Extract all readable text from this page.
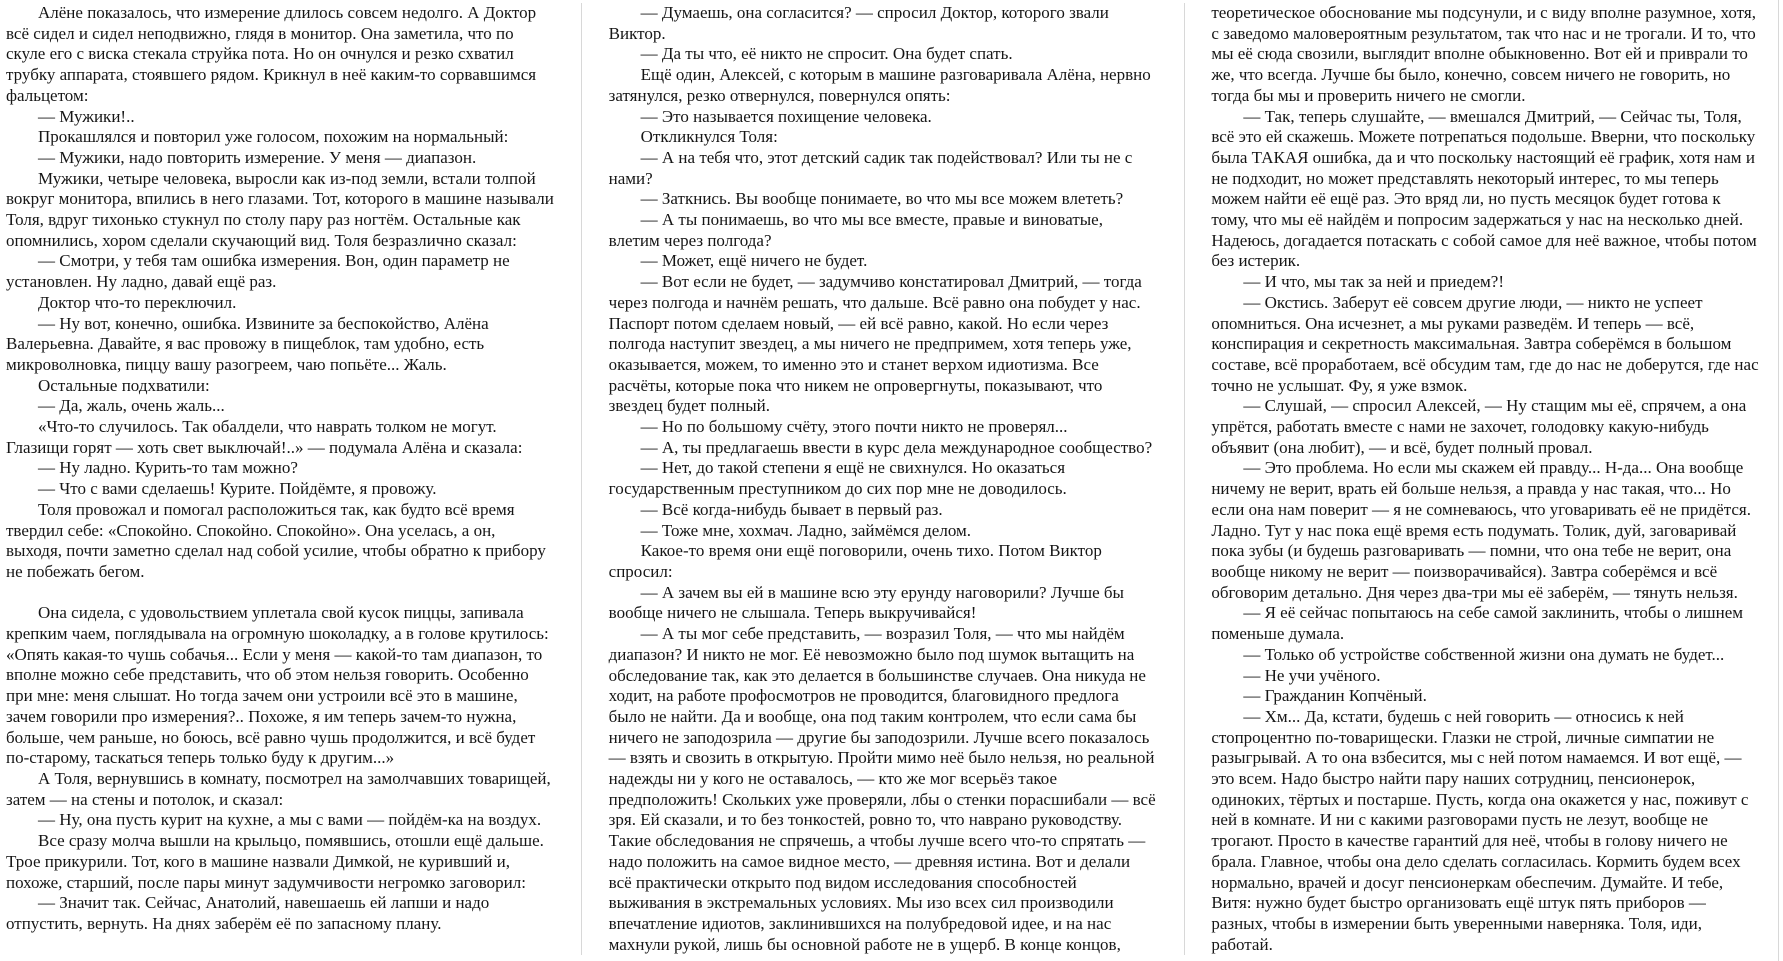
Алёне показалось, что измерение длилось совсем недолго. А Доктор всё сидел и сидел неподвижно, глядя в монитор. Она заметила, что по скуле его с виска стекала струйка пота. Но он очнулся и резко схватил трубку аппарата, стоявшего рядом. Крикнул в неё каким-то сорвавшимся фальцетом:

— Мужики!..

Прокашлялся и повторил уже голосом, похожим на нормальный:

— Мужики, надо повторить измерение. У меня — диапазон.

Мужики, четыре человека, выросли как из-под земли, встали толпой вокруг монитора, впились в него глазами. Тот, которого в машине называли Толя, вдруг тихонько стукнул по столу пару раз ногтём. Остальные как опомнились, хором сделали скучающий вид. Толя безразлично сказал:

— Смотри, у тебя там ошибка измерения. Вон, один параметр не установлен. Ну ладно, давай ещё раз.

Доктор что-то переключил.

— Ну вот, конечно, ошибка. Извините за беспокойство, Алёна Валерьевна. Давайте, я вас провожу в пищеблок, там удобно, есть микроволновка, пиццу вашу разогреем, чаю попьёте... Жаль.

Остальные подхватили:

— Да, жаль, очень жаль...

«Что-то случилось. Так обалдели, что наврать толком не могут. Глазищи горят — хоть свет выключай!..» — подумала Алёна и сказала:

— Ну ладно. Курить-то там можно?

— Что с вами сделаешь! Курите. Пойдёмте, я провожу.

Толя провожал и помогал расположиться так, как будто всё время твердил себе: «Спокойно. Спокойно. Спокойно». Она уселась, а он, выходя, почти заметно сделал над собой усилие, чтобы обратно к прибору не побежать бегом.

Она сидела, с удовольствием уплетала свой кусок пиццы, запивала крепким чаем, поглядывала на огромную шоколадку, а в голове крутилось: «Опять какая-то чушь собачья... Если у меня — какой-то там диапазон, то вполне можно себе представить, что об этом нельзя говорить. Особенно при мне: меня слышат. Но тогда зачем они устроили всё это в машине, зачем говорили про измерения?.. Похоже, я им теперь зачем-то нужна, больше, чем раньше, но боюсь, всё равно чушь продолжится, и всё будет по-старому, таскаться теперь только буду к другим...»

А Толя, вернувшись в комнату, посмотрел на замолчавших товарищей, затем — на стены и потолок, и сказал:

— Ну, она пусть курит на кухне, а мы с вами — пойдём-ка на воздух.

Все сразу молча вышли на крыльцо, помявшись, отошли ещё дальше. Трое прикурили. Тот, кого в машине назвали Димкой, не куривший и, похоже, старший, после пары минут задумчивости негромко заговорил:

— Значит так. Сейчас, Анатолий, навешаешь ей лапши и надо отпустить, вернуть. На днях заберём её по запасному плану.

— Думаешь, она согласится? — спросил Доктор, которого звали Виктор.

— Да ты что, её никто не спросит. Она будет спать.

Ещё один, Алексей, с которым в машине разговаривала Алёна, нервно затянулся, резко отвернулся, повернулся опять:

— Это называется похищение человека.

Откликнулся Толя:

— А на тебя что, этот детский садик так подействовал? Или ты не с нами?

— Заткнись. Вы вообще понимаете, во что мы все можем влететь?

— А ты понимаешь, во что мы все вместе, правые и виноватые, влетим через полгода?

— Может, ещё ничего не будет.

— Вот если не будет, — задумчиво констатировал Дмитрий, — тогда через полгода и начнём решать, что дальше. Всё равно она побудет у нас. Паспорт потом сделаем новый, — ей всё равно, какой. Но если через полгода наступит звездец, а мы ничего не предпримем, хотя теперь уже, оказывается, можем, то именно это и станет верхом идиотизма. Все расчёты, которые пока что никем не опровергнуты, показывают, что звездец будет полный.

— Но по большому счёту, этого почти никто не проверял...

— А, ты предлагаешь ввести в курс дела международное сообщество?

— Нет, до такой степени я ещё не свихнулся. Но оказаться государственным преступником до сих пор мне не доводилось.

— Всё когда-нибудь бывает в первый раз.

— Тоже мне, хохмач. Ладно, займёмся делом.

Какое-то время они ещё поговорили, очень тихо. Потом Виктор спросил:

— А зачем вы ей в машине всю эту ерунду наговорили? Лучше бы вообще ничего не слышала. Теперь выкручивайся!

— А ты мог себе представить, — возразил Толя, — что мы найдём диапазон? И никто не мог. Её невозможно было под шумок вытащить на обследование так, как это делается в большинстве случаев. Она никуда не ходит, на работе профосмотров не проводится, благовидного предлога было не найти. Да и вообще, она под таким контролем, что если сама бы ничего не заподозрила — другие бы заподозрили. Лучше всего показалось — взять и свозить в открытую. Пройти мимо неё было нельзя, но реальной надежды ни у кого не оставалось, — кто же мог всерьёз такое предположить! Скольких уже проверяли, лбы о стенки порасшибали — всё зря. Ей сказали, и то без тонкостей, ровно то, что наврано руководству. Такие обследования не спрячешь, а чтобы лучше всего что-то спрятать — надо положить на самое видное место, — древняя истина. Вот и делали всё практически открыто под видом исследования способностей выживания в экстремальных условиях. Мы изо всех сил производили впечатление идиотов, заклинившихся на полубредовой идее, и на нас махнули рукой, лишь бы основной работе не в ущерб. В конце концов, теоретическое обоснование мы подсунули, и с виду вполне разумное, хотя, с заведомо маловероятным результатом, так что нас и не трогали. И то, что мы её сюда свозили, выглядит вполне обыкновенно. Вот ей и приврали то же, что всегда. Лучше бы было, конечно, совсем ничего не говорить, но тогда бы мы и проверить ничего не смогли.

— Так, теперь слушайте, — вмешался Дмитрий, — Сейчас ты, Толя, всё это ей скажешь. Можете потрепаться подольше. Вверни, что поскольку была ТАКАЯ ошибка, да и что поскольку настоящий её график, хотя нам и не подходит, но может представлять некоторый интерес, то мы теперь можем найти её ещё раз. Это вряд ли, но пусть месяцок будет готова к тому, что мы её найдём и попросим задержаться у нас на несколько дней. Надеюсь, догадается потаскать с собой самое для неё важное, чтобы потом без истерик.

— И что, мы так за ней и приедем?!

— Окстись. Заберут её совсем другие люди, — никто не успеет опомниться. Она исчезнет, а мы руками разведём. И теперь — всё, конспирация и секретность максимальная. Завтра соберёмся в большом составе, всё проработаем, всё обсудим там, где до нас не доберутся, где нас точно не услышат. Фу, я уже взмок.

— Слушай, — спросил Алексей, — Ну стащим мы её, спрячем, а она упрётся, работать вместе с нами не захочет, голодовку какую-нибудь объявит (она любит), — и всё, будет полный провал.

— Это проблема. Но если мы скажем ей правду... Н-да... Она вообще ничему не верит, врать ей больше нельзя, а правда у нас такая, что... Но если она нам поверит — я не сомневаюсь, что уговаривать её не придётся. Ладно. Тут у нас пока ещё время есть подумать. Толик, дуй, заговаривай пока зубы (и будешь разговаривать — помни, что она тебе не верит, она вообще никому не верит — поизворачивайся). Завтра соберёмся и всё обговорим детально. Дня через два-три мы её заберём, — тянуть нельзя.

— Я её сейчас попытаюсь на себе самой заклинить, чтобы о лишнем поменьше думала.

— Только об устройстве собственной жизни она думать не будет...

— Не учи учёного.

— Гражданин Копчёный.

— Хм... Да, кстати, будешь с ней говорить — относись к ней стопроцентно по-товарищески. Глазки не строй, личные симпатии не разыгрывай. А то она взбесится, мы с ней потом намаемся. И вот ещё, — это всем. Надо быстро найти пару наших сотрудниц, пенсионерок, одиноких, тёртых и постарше. Пусть, когда она окажется у нас, поживут с ней в комнате. И ни с какими разговорами пусть не лезут, вообще не трогают. Просто в качестве гарантий для неё, чтобы в голову ничего не брала. Главное, чтобы она дело сделать согласилась. Кормить будем всех нормально, врачей и досуг пенсионеркам обеспечим. Думайте. И тебе, Витя: нужно будет быстро организовать ещё штук пять приборов — разных, чтобы в измерении быть уверенными наверняка. Толя, иди, работай.
